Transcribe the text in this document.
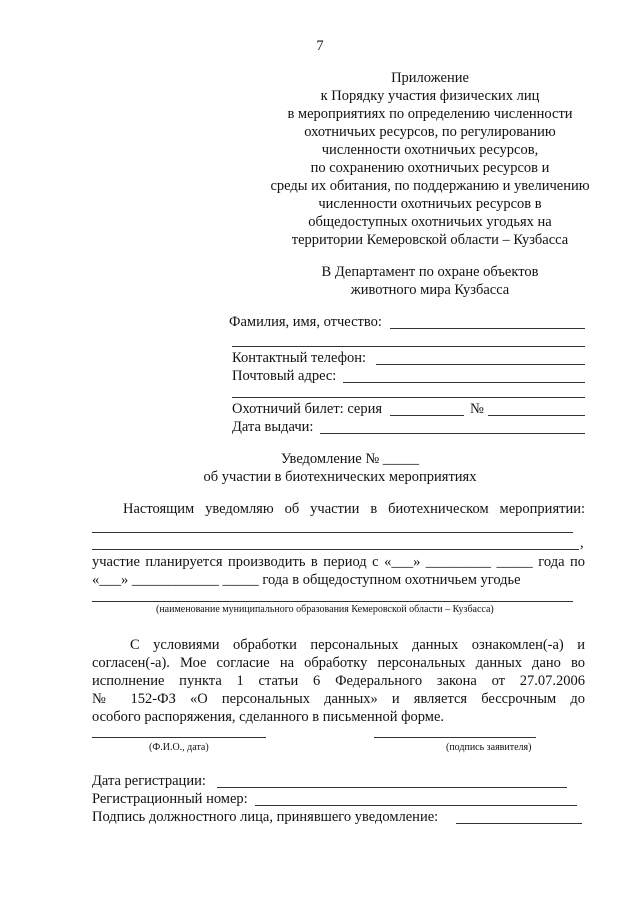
7
Приложение
к Порядку участия физических лиц
в мероприятиях по определению численности
охотничьих ресурсов, по регулированию
численности охотничьих ресурсов,
по сохранению охотничьих ресурсов и
среды их обитания, по поддержанию и увеличению
численности охотничьих ресурсов в
общедоступных охотничьих угодьях на
территории Кемеровской области – Кузбасса
В Департамент по охране объектов
животного мира Кузбасса
Фамилия, имя, отчество:
Контактный телефон:
Почтовый адрес:
Охотничий билет: серия	№
Дата выдачи:
Уведомление № _____
об участии в биотехнических мероприятиях
Настоящим уведомляю об участии в биотехническом мероприятии:
,
участие планируется производить в период с «___» _________ _____ года по
«___» ____________ _____ года в общедоступном охотничьем угодье
(наименование муниципального образования Кемеровской области – Кузбасса)
С условиями обработки персональных данных ознакомлен(-а) и
согласен(-а). Мое согласие на обработку персональных данных дано во
исполнение пункта 1 статьи 6 Федерального закона от 27.07.2006
№ 152-ФЗ «О персональных данных» и является бессрочным до
особого распоряжения, сделанного в письменной форме.
(Ф.И.О., дата)	(подпись заявителя)
Дата регистрации:
Регистрационный номер:
Подпись должностного лица, принявшего уведомление:
